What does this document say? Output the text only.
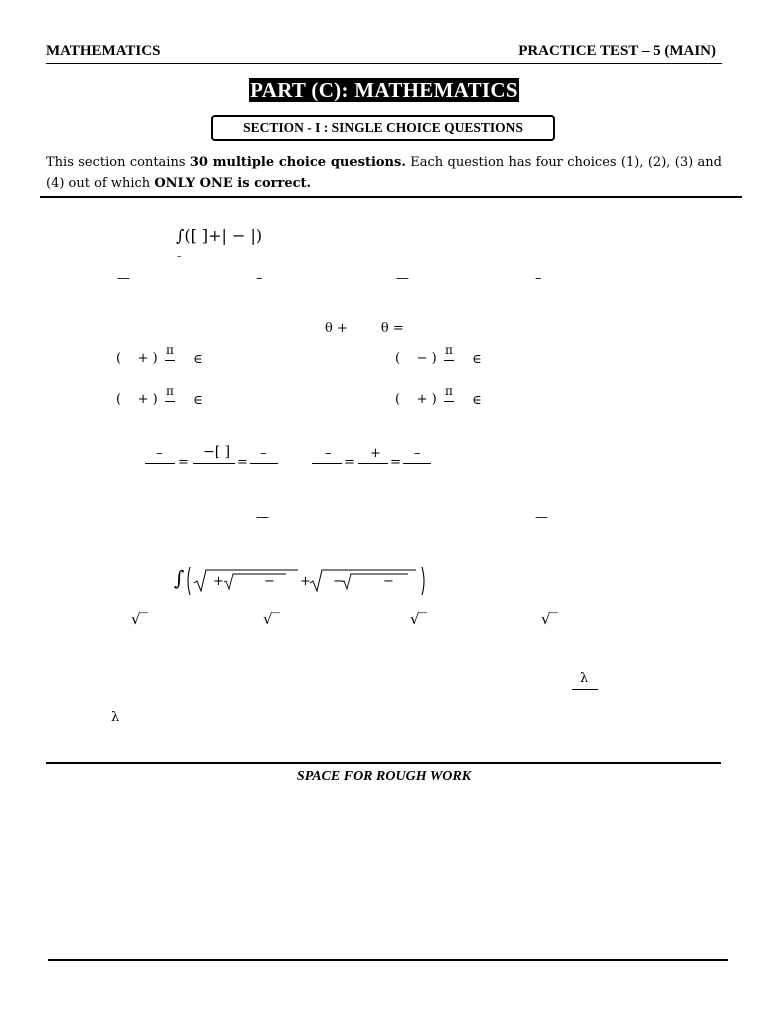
MATHEMATICS	PRACTICE TEST – 5 (MAIN)
PART (C): MATHEMATICS
SECTION - I : SINGLE CHOICE QUESTIONS
This section contains 30 multiple choice questions. Each question has four choices (1), (2), (3) and (4) out of which ONLY ONE is correct.
∫([ ]+| − |)
–
—	–	—	–
θ +        θ =
(    + )
π
∈	(    − )
π
∈
(    + )
π
∈	(    + )
π
∈
–
=
−[ ]
=
–	–
=
+
=
–
—	—
∫ +	− + −	−
√‾	√‾	√‾	√‾
λ
λ
SPACE FOR ROUGH WORK
